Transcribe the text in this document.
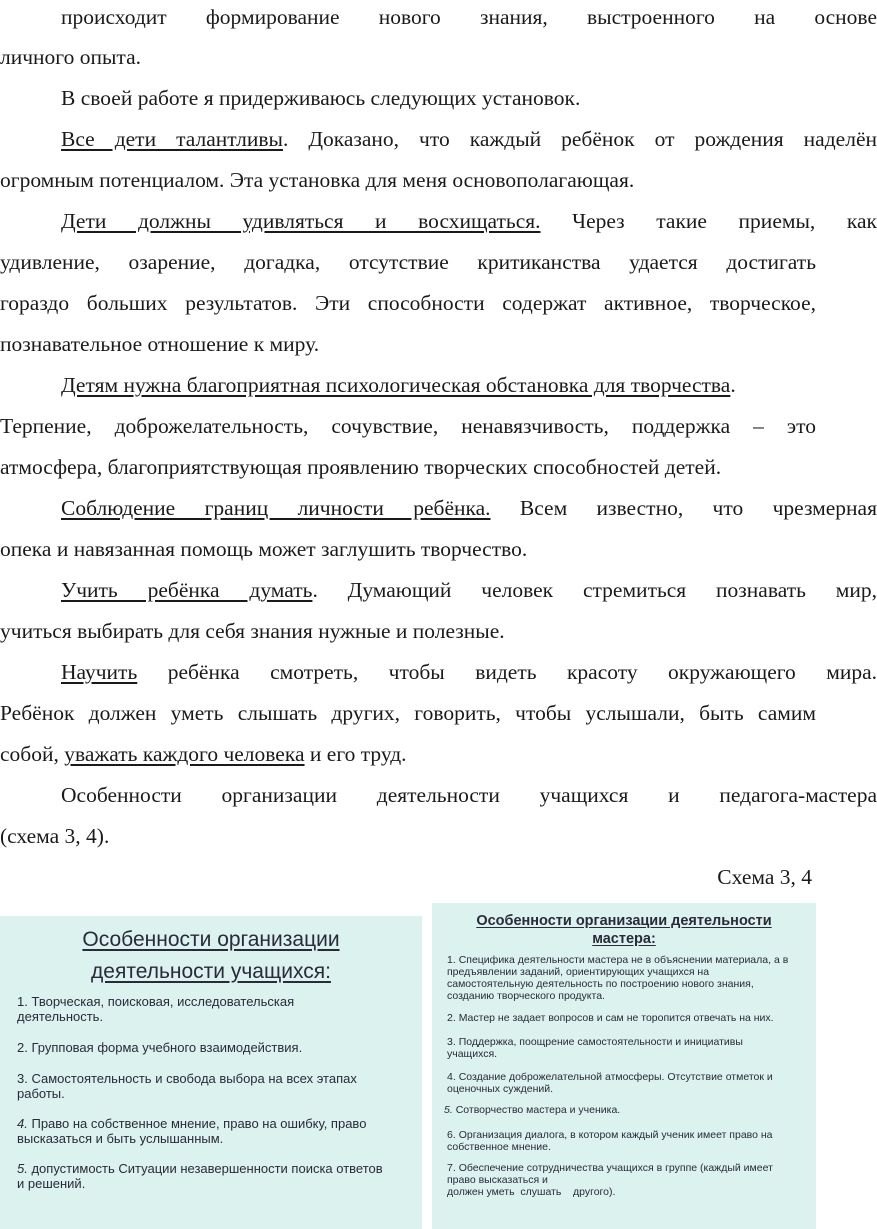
происходит формирование нового знания, выстроенного на основе
личного опыта.
В своей работе я придерживаюсь следующих установок.
Все дети талантливы. Доказано, что каждый ребёнок от рождения наделён
огромным потенциалом. Эта установка для меня основополагающая.
Дети должны удивляться и восхищаться. Через такие приемы, как
удивление, озарение, догадка, отсутствие критиканства удается достигать
гораздо больших результатов. Эти способности содержат активное, творческое,
познавательное отношение к миру.
Детям нужна благоприятная психологическая обстановка для творчества.
Терпение, доброжелательность, сочувствие, ненавязчивость, поддержка – это
атмосфера, благоприятствующая проявлению творческих способностей детей.
Соблюдение границ личности ребёнка. Всем известно, что чрезмерная
опека и навязанная помощь может заглушить творчество.
Учить ребёнка думать. Думающий человек стремиться познавать мир,
учиться выбирать для себя знания нужные и полезные.
Научить ребёнка смотреть, чтобы видеть красоту окружающего мира.
Ребёнок должен уметь слышать других, говорить, чтобы услышали, быть самим
собой, уважать каждого человека и его труд.
Особенности организации деятельности учащихся и педагога-мастера
(схема 3, 4).
Схема 3, 4
Особенности организации
деятельности учащихся:
1. Творческая, поисковая, исследовательская
деятельность.
2. Групповая форма учебного взаимодействия.
3. Самостоятельность и свобода выбора на всех этапах
работы.
4. Право на собственное мнение, право на ошибку, право
высказаться и быть услышанным.
5. допустимость Ситуации незавершенности поиска ответов
и решений.
Особенности организации деятельности
мастера:
1. Специфика деятельности мастера не в объяснении материала, а в
предъявлении заданий, ориентирующих учащихся на
самостоятельную деятельность по построению нового знания,
созданию творческого продукта.
2. Мастер не задает вопросов и сам не торопится отвечать на них.
3. Поддержка, поощрение самостоятельности и инициативы
учащихся.
4. Создание доброжелательной атмосферы. Отсутствие отметок и
оценочных суждений.
5. Сотворчество мастера и ученика.
6. Организация диалога, в котором каждый ученик имеет право на
собственное мнение.
7. Обеспечение сотрудничества учащихся в группе (каждый имеет
право высказаться и
должен уметь  слушать    другого).
